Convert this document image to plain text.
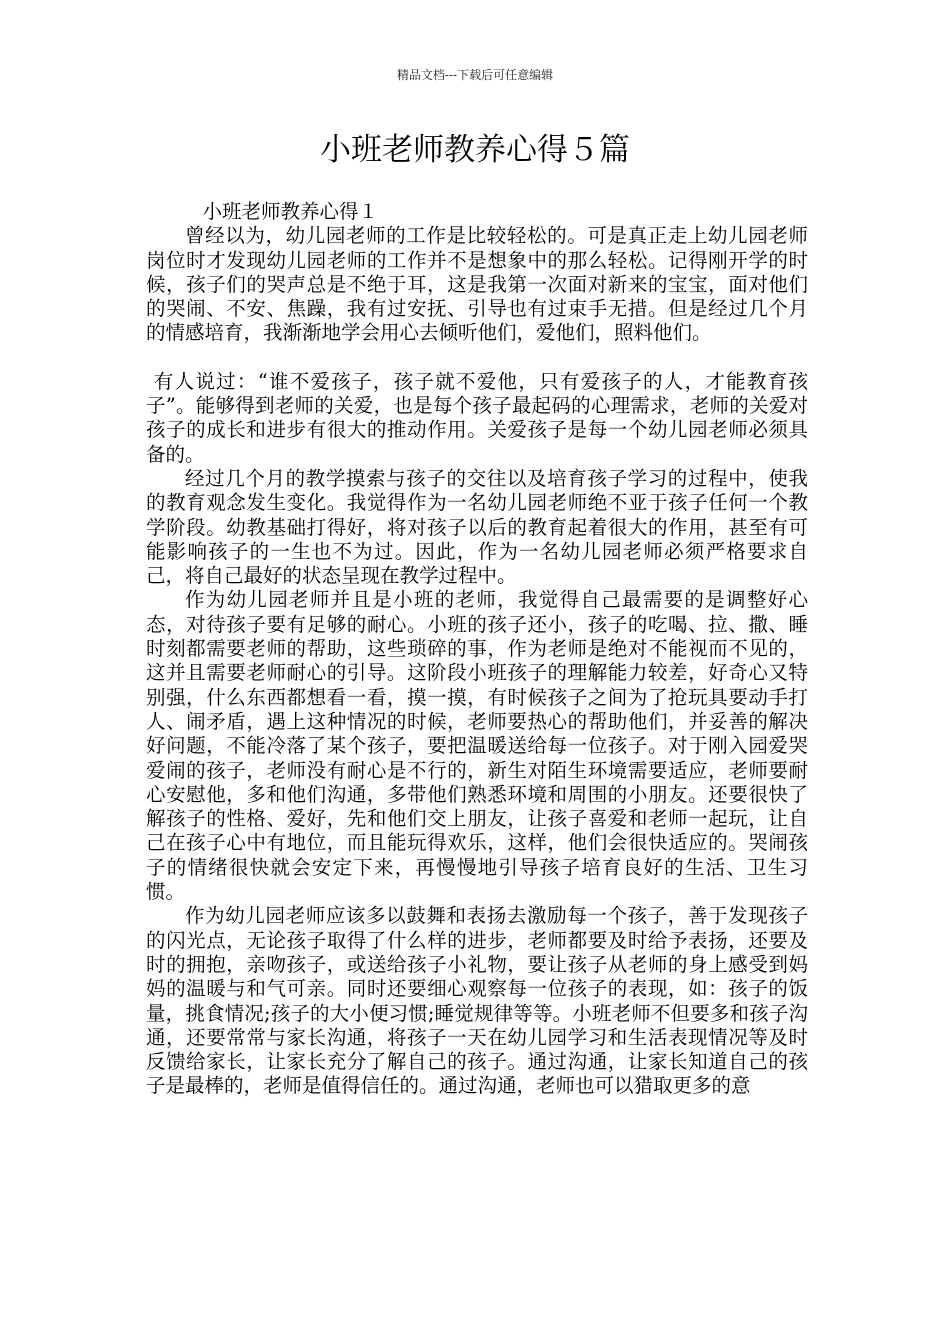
精品文档---下载后可任意编辑
小班老师教养心得５篇

小班老师教养心得１

曾经以为，幼儿园老师的工作是比较轻松的。可是真正走上幼儿园老师岗位时才发现幼儿园老师的工作并不是想象中的那么轻松。记得刚开学的时候，孩子们的哭声总是不绝于耳，这是我第一次面对新来的宝宝，面对他们的哭闹、不安、焦躁，我有过安抚、引导也有过束手无措。但是经过几个月的情感培育，我渐渐地学会用心去倾听他们，爱他们，照料他们。

有人说过：“谁不爱孩子，孩子就不爱他，只有爱孩子的人，才能教育孩子”。能够得到老师的关爱，也是每个孩子最起码的心理需求，老师的关爱对孩子的成长和进步有很大的推动作用。关爱孩子是每一个幼儿园老师必须具备的。

经过几个月的教学摸索与孩子的交往以及培育孩子学习的过程中，使我的教育观念发生变化。我觉得作为一名幼儿园老师绝不亚于孩子任何一个教学阶段。幼教基础打得好，将对孩子以后的教育起着很大的作用，甚至有可能影响孩子的一生也不为过。因此，作为一名幼儿园老师必须严格要求自己，将自己最好的状态呈现在教学过程中。

作为幼儿园老师并且是小班的老师，我觉得自己最需要的是调整好心态，对待孩子要有足够的耐心。小班的孩子还小，孩子的吃喝、拉、撒、睡时刻都需要老师的帮助，这些琐碎的事，作为老师是绝对不能视而不见的，这并且需要老师耐心的引导。这阶段小班孩子的理解能力较差，好奇心又特别强，什么东西都想看一看，摸一摸，有时候孩子之间为了抢玩具要动手打人、闹矛盾，遇上这种情况的时候，老师要热心的帮助他们，并妥善的解决好问题，不能冷落了某个孩子，要把温暖送给每一位孩子。对于刚入园爱哭爱闹的孩子，老师没有耐心是不行的，新生对陌生环境需要适应，老师要耐心安慰他，多和他们沟通，多带他们熟悉环境和周围的小朋友。还要很快了解孩子的性格、爱好，先和他们交上朋友，让孩子喜爱和老师一起玩，让自己在孩子心中有地位，而且能玩得欢乐，这样，他们会很快适应的。哭闹孩子的情绪很快就会安定下来，再慢慢地引导孩子培育良好的生活、卫生习惯。

作为幼儿园老师应该多以鼓舞和表扬去激励每一个孩子，善于发现孩子的闪光点，无论孩子取得了什么样的进步，老师都要及时给予表扬，还要及时的拥抱，亲吻孩子，或送给孩子小礼物，要让孩子从老师的身上感受到妈妈的温暖与和气可亲。同时还要细心观察每一位孩子的表现，如：孩子的饭量，挑食情况;孩子的大小便习惯;睡觉规律等等。小班老师不但要多和孩子沟通，还要常常与家长沟通，将孩子一天在幼儿园学习和生活表现情况等及时反馈给家长，让家长充分了解自己的孩子。通过沟通，让家长知道自己的孩子是最棒的，老师是值得信任的。通过沟通，老师也可以猎取更多的意
